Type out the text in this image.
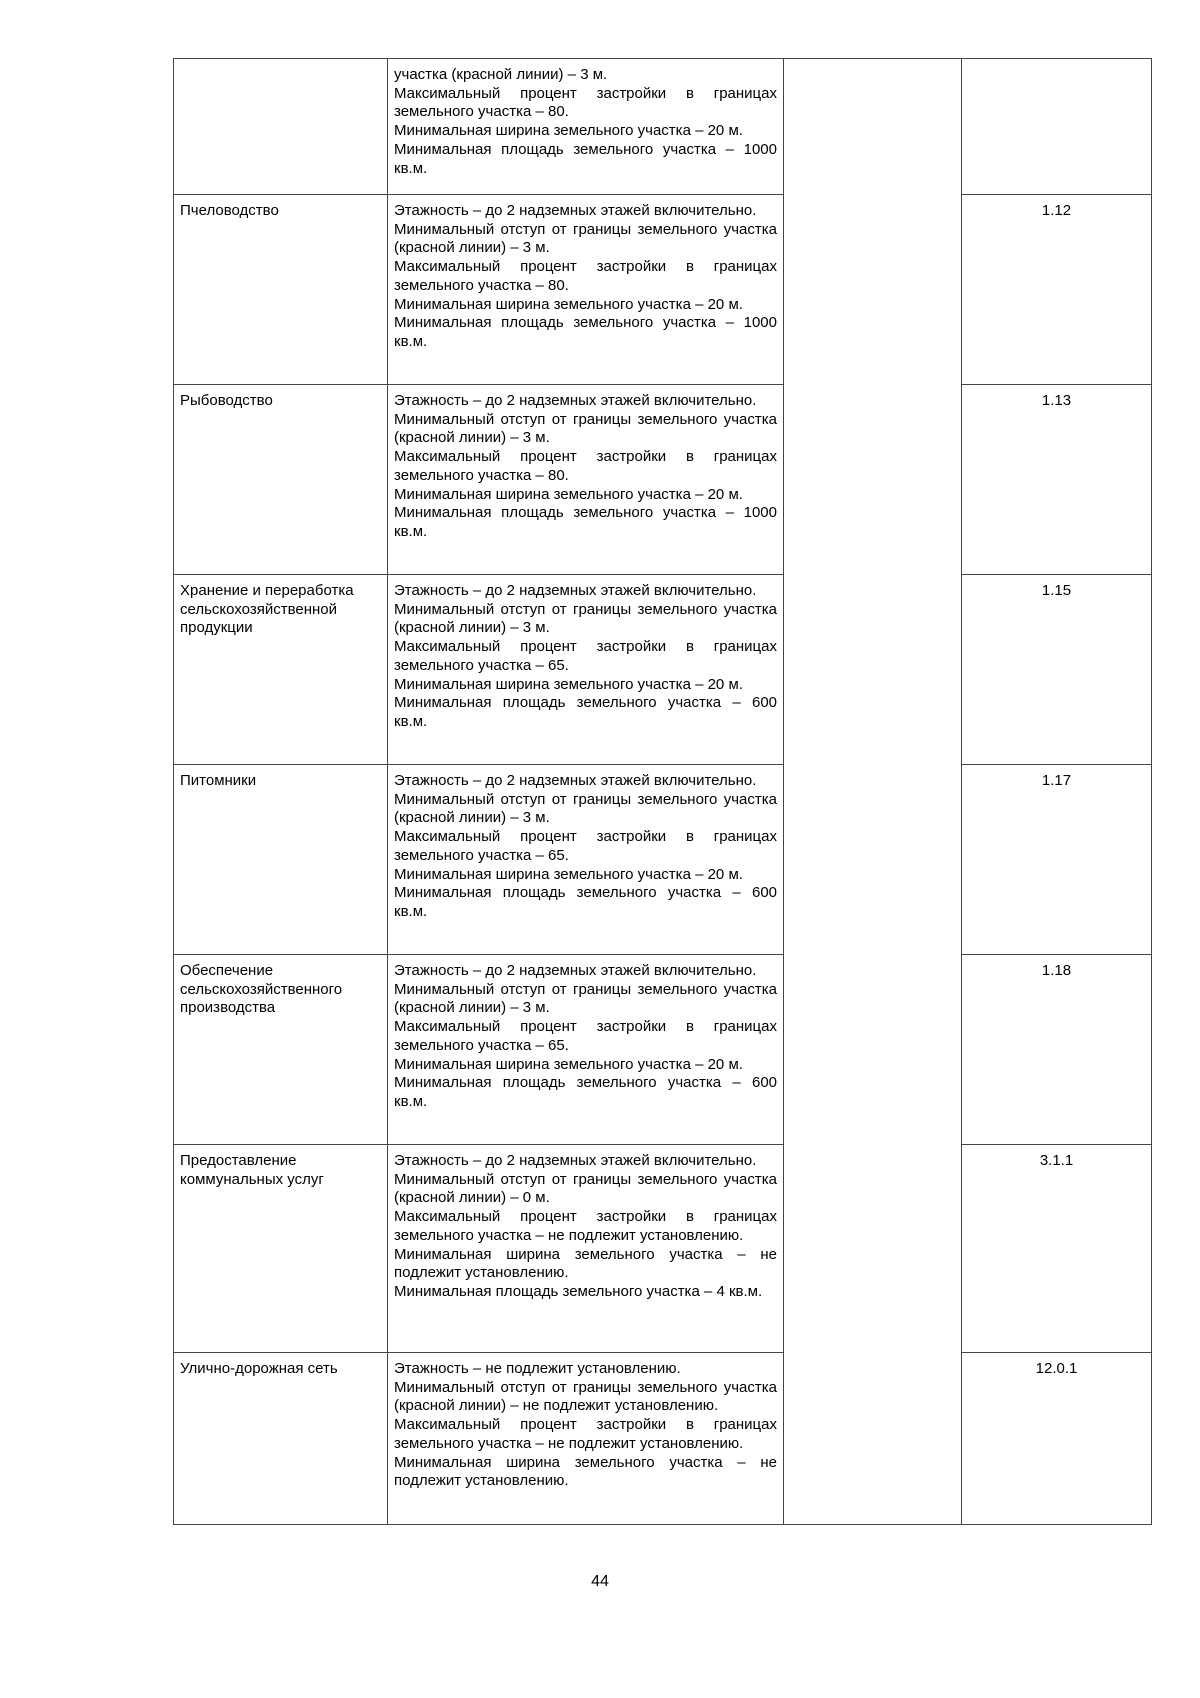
	участка (красной линии) – 3 м.
Максимальный процент застройки в границах земельного участка – 80.
Минимальная ширина земельного участка – 20 м.
Минимальная площадь земельного участка – 1000 кв.м.		

Пчеловодство	Этажность – до 2 надземных этажей включительно.
Минимальный отступ от границы земельного участка (красной линии) – 3 м.
Максимальный процент застройки в границах земельного участка – 80.
Минимальная ширина земельного участка – 20 м.
Минимальная площадь земельного участка – 1000 кв.м.		1.12
Рыбоводство	Этажность – до 2 надземных этажей включительно.
Минимальный отступ от границы земельного участка (красной линии) – 3 м.
Максимальный процент застройки в границах земельного участка – 80.
Минимальная ширина земельного участка – 20 м.
Минимальная площадь земельного участка – 1000 кв.м.		1.13
Хранение и переработка сельскохозяйственной продукции	Этажность – до 2 надземных этажей включительно.
Минимальный отступ от границы земельного участка (красной линии) – 3 м.
Максимальный процент застройки в границах земельного участка – 65.
Минимальная ширина земельного участка – 20 м.
Минимальная площадь земельного участка – 600 кв.м.		1.15
Питомники	Этажность – до 2 надземных этажей включительно.
Минимальный отступ от границы земельного участка (красной линии) – 3 м.
Максимальный процент застройки в границах земельного участка – 65.
Минимальная ширина земельного участка – 20 м.
Минимальная площадь земельного участка – 600 кв.м.		1.17
Обеспечение сельскохозяйственного производства	Этажность – до 2 надземных этажей включительно.
Минимальный отступ от границы земельного участка (красной линии) – 3 м.
Максимальный процент застройки в границах земельного участка – 65.
Минимальная ширина земельного участка – 20 м.
Минимальная площадь земельного участка – 600 кв.м.		1.18
Предоставление коммунальных услуг	Этажность – до 2 надземных этажей включительно.
Минимальный отступ от границы земельного участка (красной линии) – 0 м.
Максимальный процент застройки в границах земельного участка – не подлежит установлению.
Минимальная ширина земельного участка – не подлежит установлению.
Минимальная площадь земельного участка – 4 кв.м.		3.1.1
Улично-дорожная сеть	Этажность – не подлежит установлению.
Минимальный отступ от границы земельного участка (красной линии) – не подлежит установлению.
Максимальный процент застройки в границах земельного участка – не подлежит установлению.
Минимальная ширина земельного участка – не подлежит установлению.		12.0.1
44
